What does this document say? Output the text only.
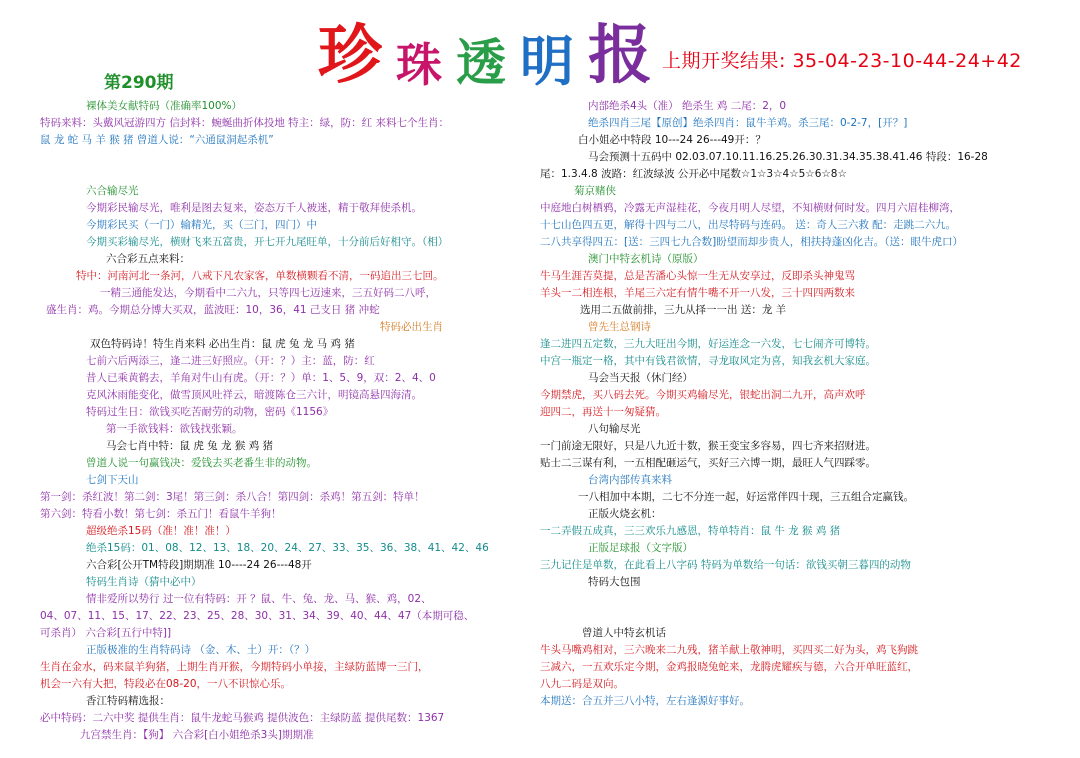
珍 珠 透 明 报 上期开奖结果: 35-04-23-10-44-24+42
第290期
裸体美女献特码（准确率100%）
特码来料：头戴风冠游四方 信封料：蜿蜒曲折体投地 特主：绿，防：红 来料七个生肖：
鼠 龙 蛇 马 羊 猴 猪 曾道人说：“六通鼠洞起杀机”

六合输尽光
今期彩民输尽光，唯利是图去复来，姿态万千人被迷，精于敬拜使杀机。
今期彩民买（一门）输精光，买（三门，四门）中
今期买彩输尽光，横财飞来五富贵，开七开九尾旺单，十分前后好相守。（相）
六合彩五点来料：
特中：河南河北一条河，八戒下凡农家客，单数横颗看不清，一码追出三七回。
一精三通能发达，今期看中二六九，只等四七迈速来，三五好码二八呼，
盛生肖：鸡。今期总分博大买双，蓝波旺：10，36，41 己支日 猪 冲蛇
特码必出生肖
双色特码诗！特生肖来料 必出生肖：鼠 虎 兔 龙 马 鸡 猪
七前六后两添三，逢二进三好照应。（开：？）主：蓝，防：红
昔人已乘黄鹤去，羊角对牛山有虎。（开：？）单：1、5、9，双：2、4、0
克风沐雨能变化，做雪顶风吐祥云，暗渡陈仓三六计，明镜高悬四海清。
特码过生日：欲钱买吃苦耐劳的动物，密码《1156》
第一手欲钱料：欲钱找张颖。
马会七肖中特：鼠 虎 兔 龙 猴 鸡 猪
曾道人说一句赢钱决：爱钱去买老番生非的动物。
七剑下天山
第一剑：杀红波！第二剑：3尾！第三剑：杀八合！第四剑：杀鸡！第五剑：特单！
第六剑：特看小数！第七剑：杀五门！看鼠牛羊狗！
超级绝杀15码（准！准！准！）
绝杀15码：01、08、12、13、18、20、24、27、33、35、36、38、41、42、46
六合彩[公开TM特段]期期准 10----24 26---48开
特码生肖诗（猜中必中）
情非爱所以势行 过一位有特码：开 ？鼠、牛、兔、龙、马、猴、鸡，02、
04、07、11、15、17、22、23、25、28、30、31、34、39、40、44、47（本期可稳、
可杀肖） 六合彩[五行中特]]
正版极准的生肖特码诗 （金、木、土）开：（？）
生肖在金水，码来鼠羊狗猪，上期生肖开猴，今期特码小单接，主绿防蓝博一三门，
机会一六有大把，特段必在08-20，一八不识惊心乐。
香江特码精选报：
必中特码：二六中奖 提供生肖：鼠牛龙蛇马猴鸡 提供波色：主绿防蓝 提供尾数：1367
九宫禁生肖：【狗】 六合彩[白小姐绝杀3头]期期准
内部绝杀4头（准） 绝杀生 鸡 二尾：2，0
绝杀四肖三尾【原创】绝杀四肖：鼠牛羊鸡。杀三尾：0-2-7，[开？]
白小姐必中特段 10---24 26---49开：？
马会预测十五码中 02.03.07.10.11.16.25.26.30.31.34.35.38.41.46 特段：16-28
尾：1.3.4.8 波路：红波绿波 公开必中尾数☆1☆3☆4☆5☆6☆8☆
菊京赌侠
中庭地白树栖鸦，冷露无声湿桂花，今夜月明人尽望，不知横财何时发。四月六眉桂柳湾，
十七山色四五更，解得十四与二八，出尽特码与连码。 送：奇人三六救 配：走跳二六九。
二八共享得四五：[送：三四七九合数]盼望而却步贵人，相扶持蓬凶化吉。（送：眼牛虎口）
澳门中特玄机诗（原版）
牛马生涯苦莫提，总是苦潘心头惊一生无从安享过，反即杀头神鬼骂
羊头一二相连根，羊尾三六定有情牛嘴不开一八发，三十四四两数来
选用二五做前排，三九从择一一出 送：龙 羊
曾先生总钢诗
逢二进四五定数，三九大旺出今期，好运连念一六发，七七闹齐可博特。
中宫一瓶定一格，其中有钱君欲情，寻龙取风定为喜，知我玄机大家庭。
马会当天报（休门经）
今期禁虎，买八码去死。今期买鸡输尽光，银蛇出洞二九开，高声欢呼
迎四二，再送十一匆疑猜。
八句输尽光
一门前途无限好，只是八九近十数，猴王变宝多容易，四七齐来招财进。
贴士二三谋有利，一五相配砸运气，买好三六博一期，最旺人气四踩零。
台湾内部传真来料
一八相加中本期，二七不分连一起，好运常伴四十现，三五组合定赢钱。
正版火烧玄机：
一二弄假五成真，三三欢乐九感恩，特单特肖：鼠 牛 龙 猴 鸡 猪
正版足球报（文字版）
三九记住是单数，在此看上八字码 特码为单数给一句话：欲钱买朝三暮四的动物
特码大包围

曾道人中特玄机话
牛头马嘴鸡相对，三六晚来二九残，猪羊献上敬神明，买四买二好为头，鸡飞狗跳
三减六，一五欢乐定今期，金鸡报晓兔蛇来，龙腾虎耀疾与德，六合开单旺蓝红，
八九二码是双向。
本期送：合五并三八小特，左右逢源好事好。
